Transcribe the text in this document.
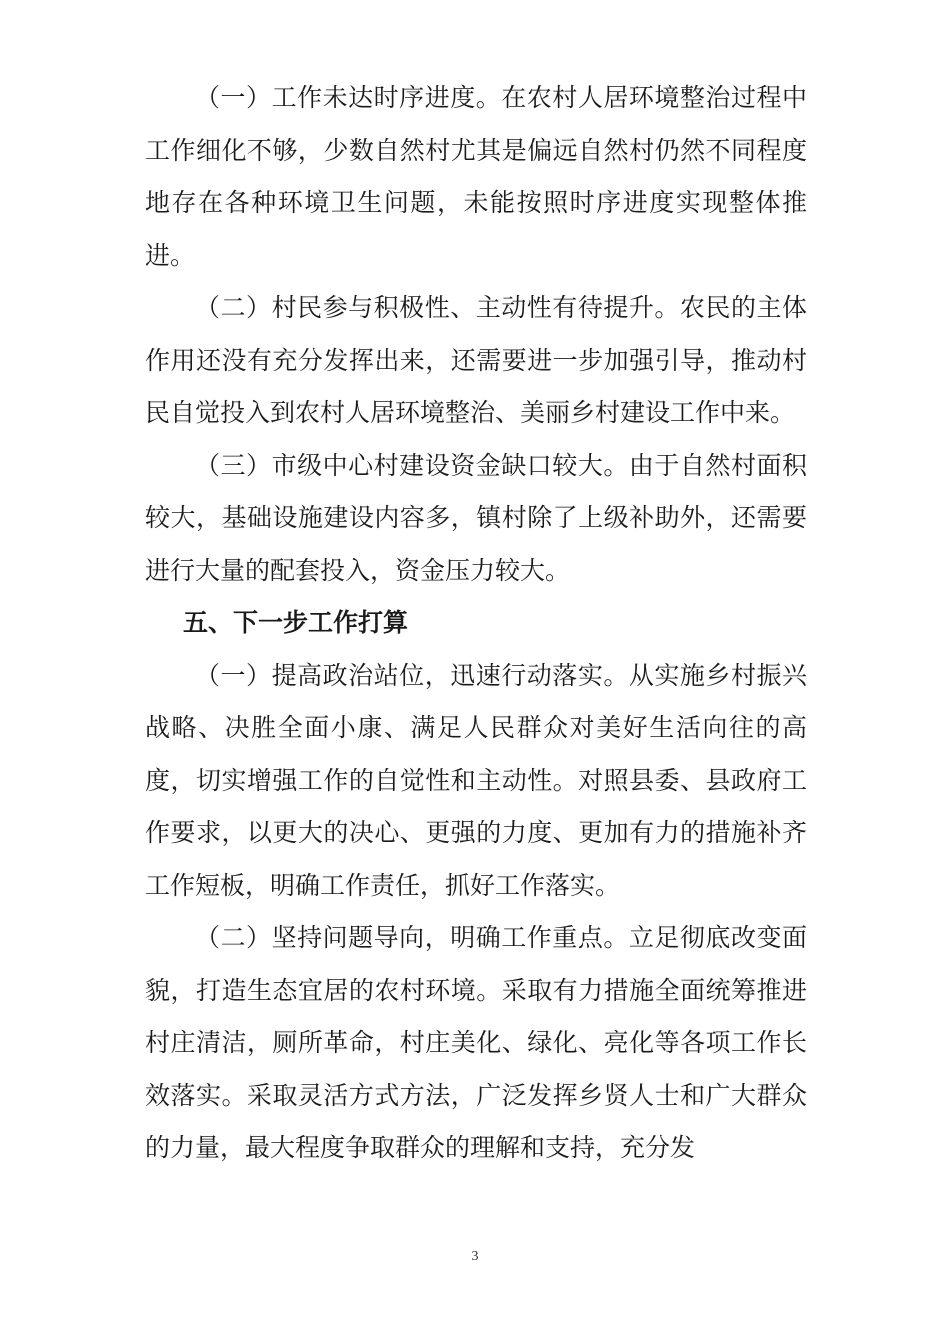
（一）工作未达时序进度。在农村人居环境整治过程中工作细化不够，少数自然村尤其是偏远自然村仍然不同程度地存在各种环境卫生问题，未能按照时序进度实现整体推进。

（二）村民参与积极性、主动性有待提升。农民的主体作用还没有充分发挥出来，还需要进一步加强引导，推动村民自觉投入到农村人居环境整治、美丽乡村建设工作中来。

（三）市级中心村建设资金缺口较大。由于自然村面积较大，基础设施建设内容多，镇村除了上级补助外，还需要进行大量的配套投入，资金压力较大。

五、下一步工作打算

（一）提高政治站位，迅速行动落实。从实施乡村振兴战略、决胜全面小康、满足人民群众对美好生活向往的高度，切实增强工作的自觉性和主动性。对照县委、县政府工作要求，以更大的决心、更强的力度、更加有力的措施补齐工作短板，明确工作责任，抓好工作落实。

（二）坚持问题导向，明确工作重点。立足彻底改变面貌，打造生态宜居的农村环境。采取有力措施全面统筹推进村庄清洁，厕所革命，村庄美化、绿化、亮化等各项工作长效落实。采取灵活方式方法，广泛发挥乡贤人士和广大群众的力量，最大程度争取群众的理解和支持，充分发

3
